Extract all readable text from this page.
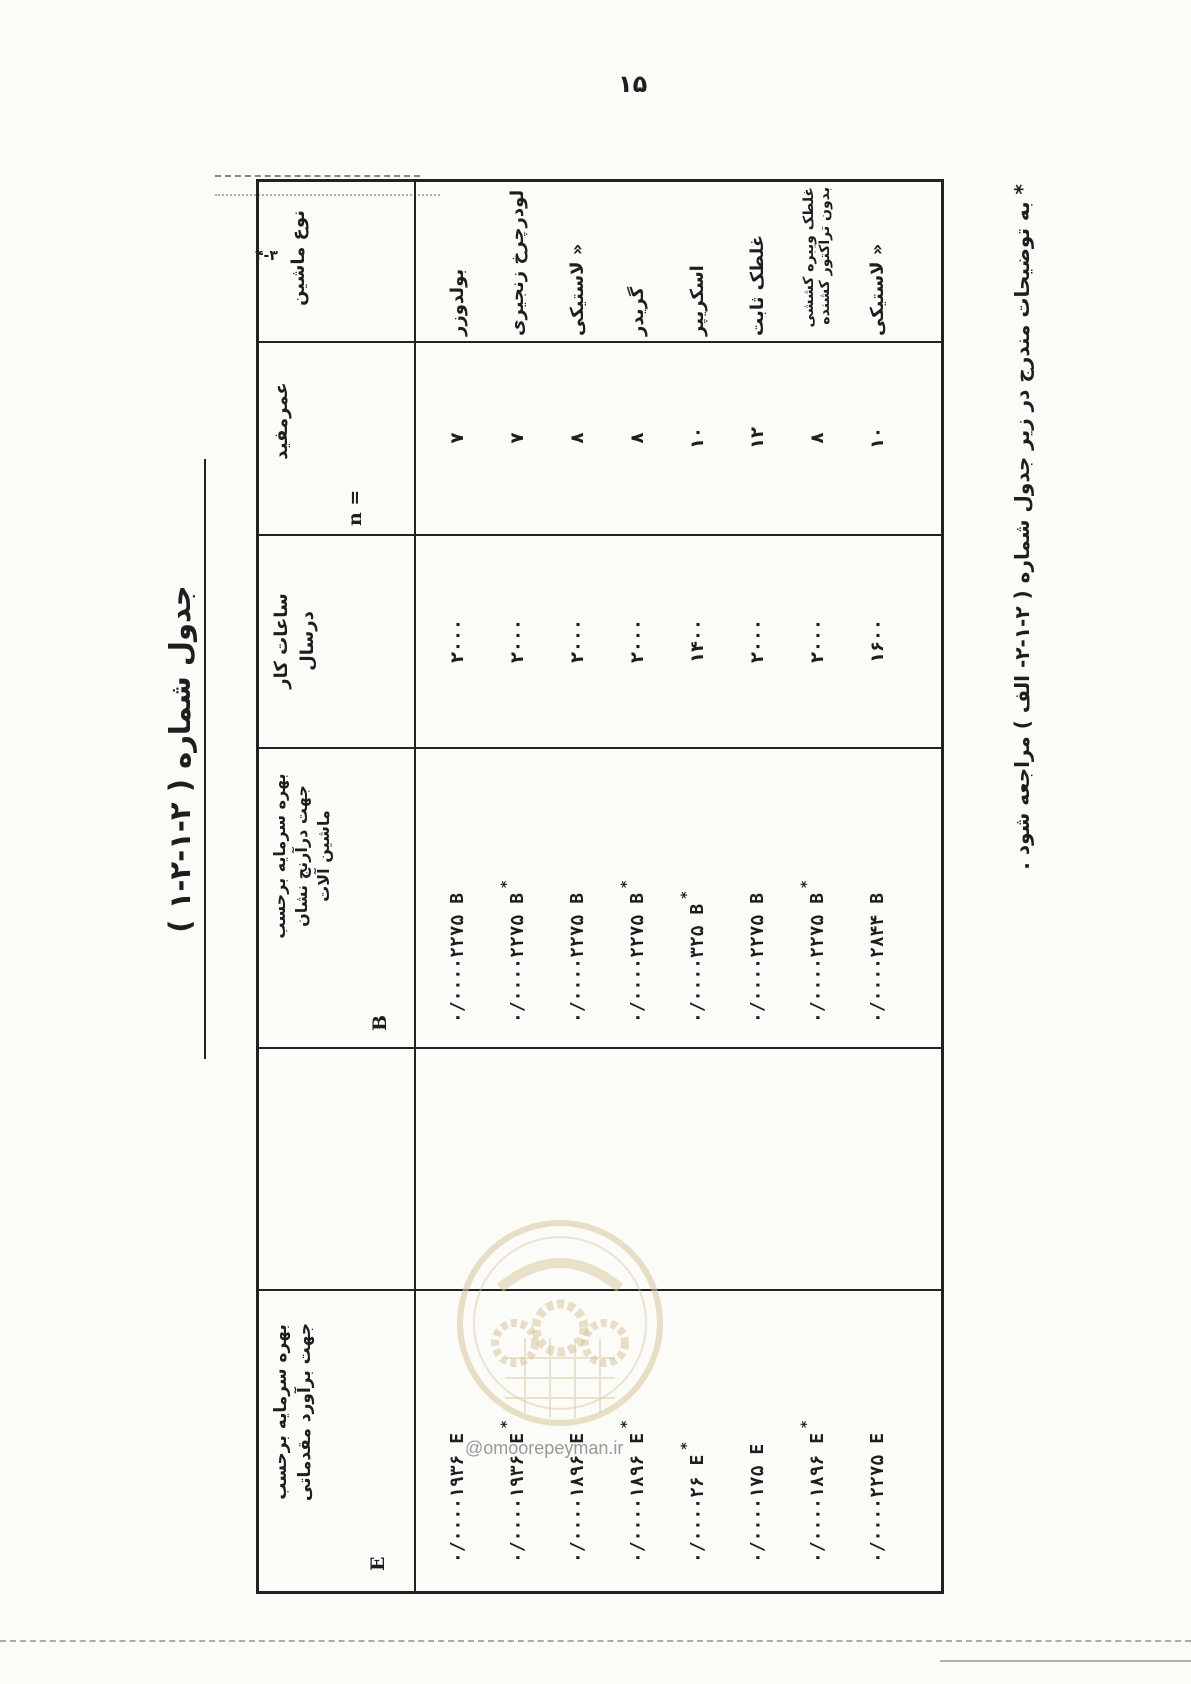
۱۵
۴-۳
جدول شماره ( ۲-۱-۲-۱ )
نوع ماشین
عمرمفید
n =
ساعات کار
درسال
بهره سرمایه برحسب
جهت درآرنج نشان
ماشین آلات
B
بهره سرمایه برحسب
جهت برآورد مقدماتی
E
بولدوزر لودرچرخ زنجیری « لاستیکی گریدر اسکریپر غلطک ثابت غلطک ویبره کششی بدون تراکتور کشنده « لاستیکی
۷ ۷ ۸ ۸ ۱۰ ۱۲ ۸ ۱۰
۲۰۰۰ ۲۰۰۰ ۲۰۰۰ ۲۰۰۰ ۱۴۰۰ ۲۰۰۰ ۲۰۰۰ ۱۶۰۰
۰/۰۰۰۰۲۲۷۵ B ۰/۰۰۰۰۲۲۷۵ B
*
۰/۰۰۰۰۲۲۷۵ B ۰/۰۰۰۰۲۲۷۵ B
*
۰/۰۰۰۰۳۲۵ B
*	۰/۰۰۰۰۲۲۷۵ B ۰/۰۰۰۰۲۲۷۵ B
*
۰/۰۰۰۰۲۸۴۴ B
۰/۰۰۰۰۱۹۳۶ E ۰/۰۰۰۰۱۹۳۶ E
*
۰/۰۰۰۰۱۸۹۶ E ۰/۰۰۰۰۱۸۹۶ E
*
۰/۰۰۰۰۲۶ E
*	۰/۰۰۰۰۱۷۵ E ۰/۰۰۰۰۱۸۹۶ E
*
۰/۰۰۰۰۲۲۷۵ E
* به توضیحات مندرج در زیر جدول شماره ( ۲-۱-۲- الف ) مراجعه شود .
@omoorepeyman.ir
